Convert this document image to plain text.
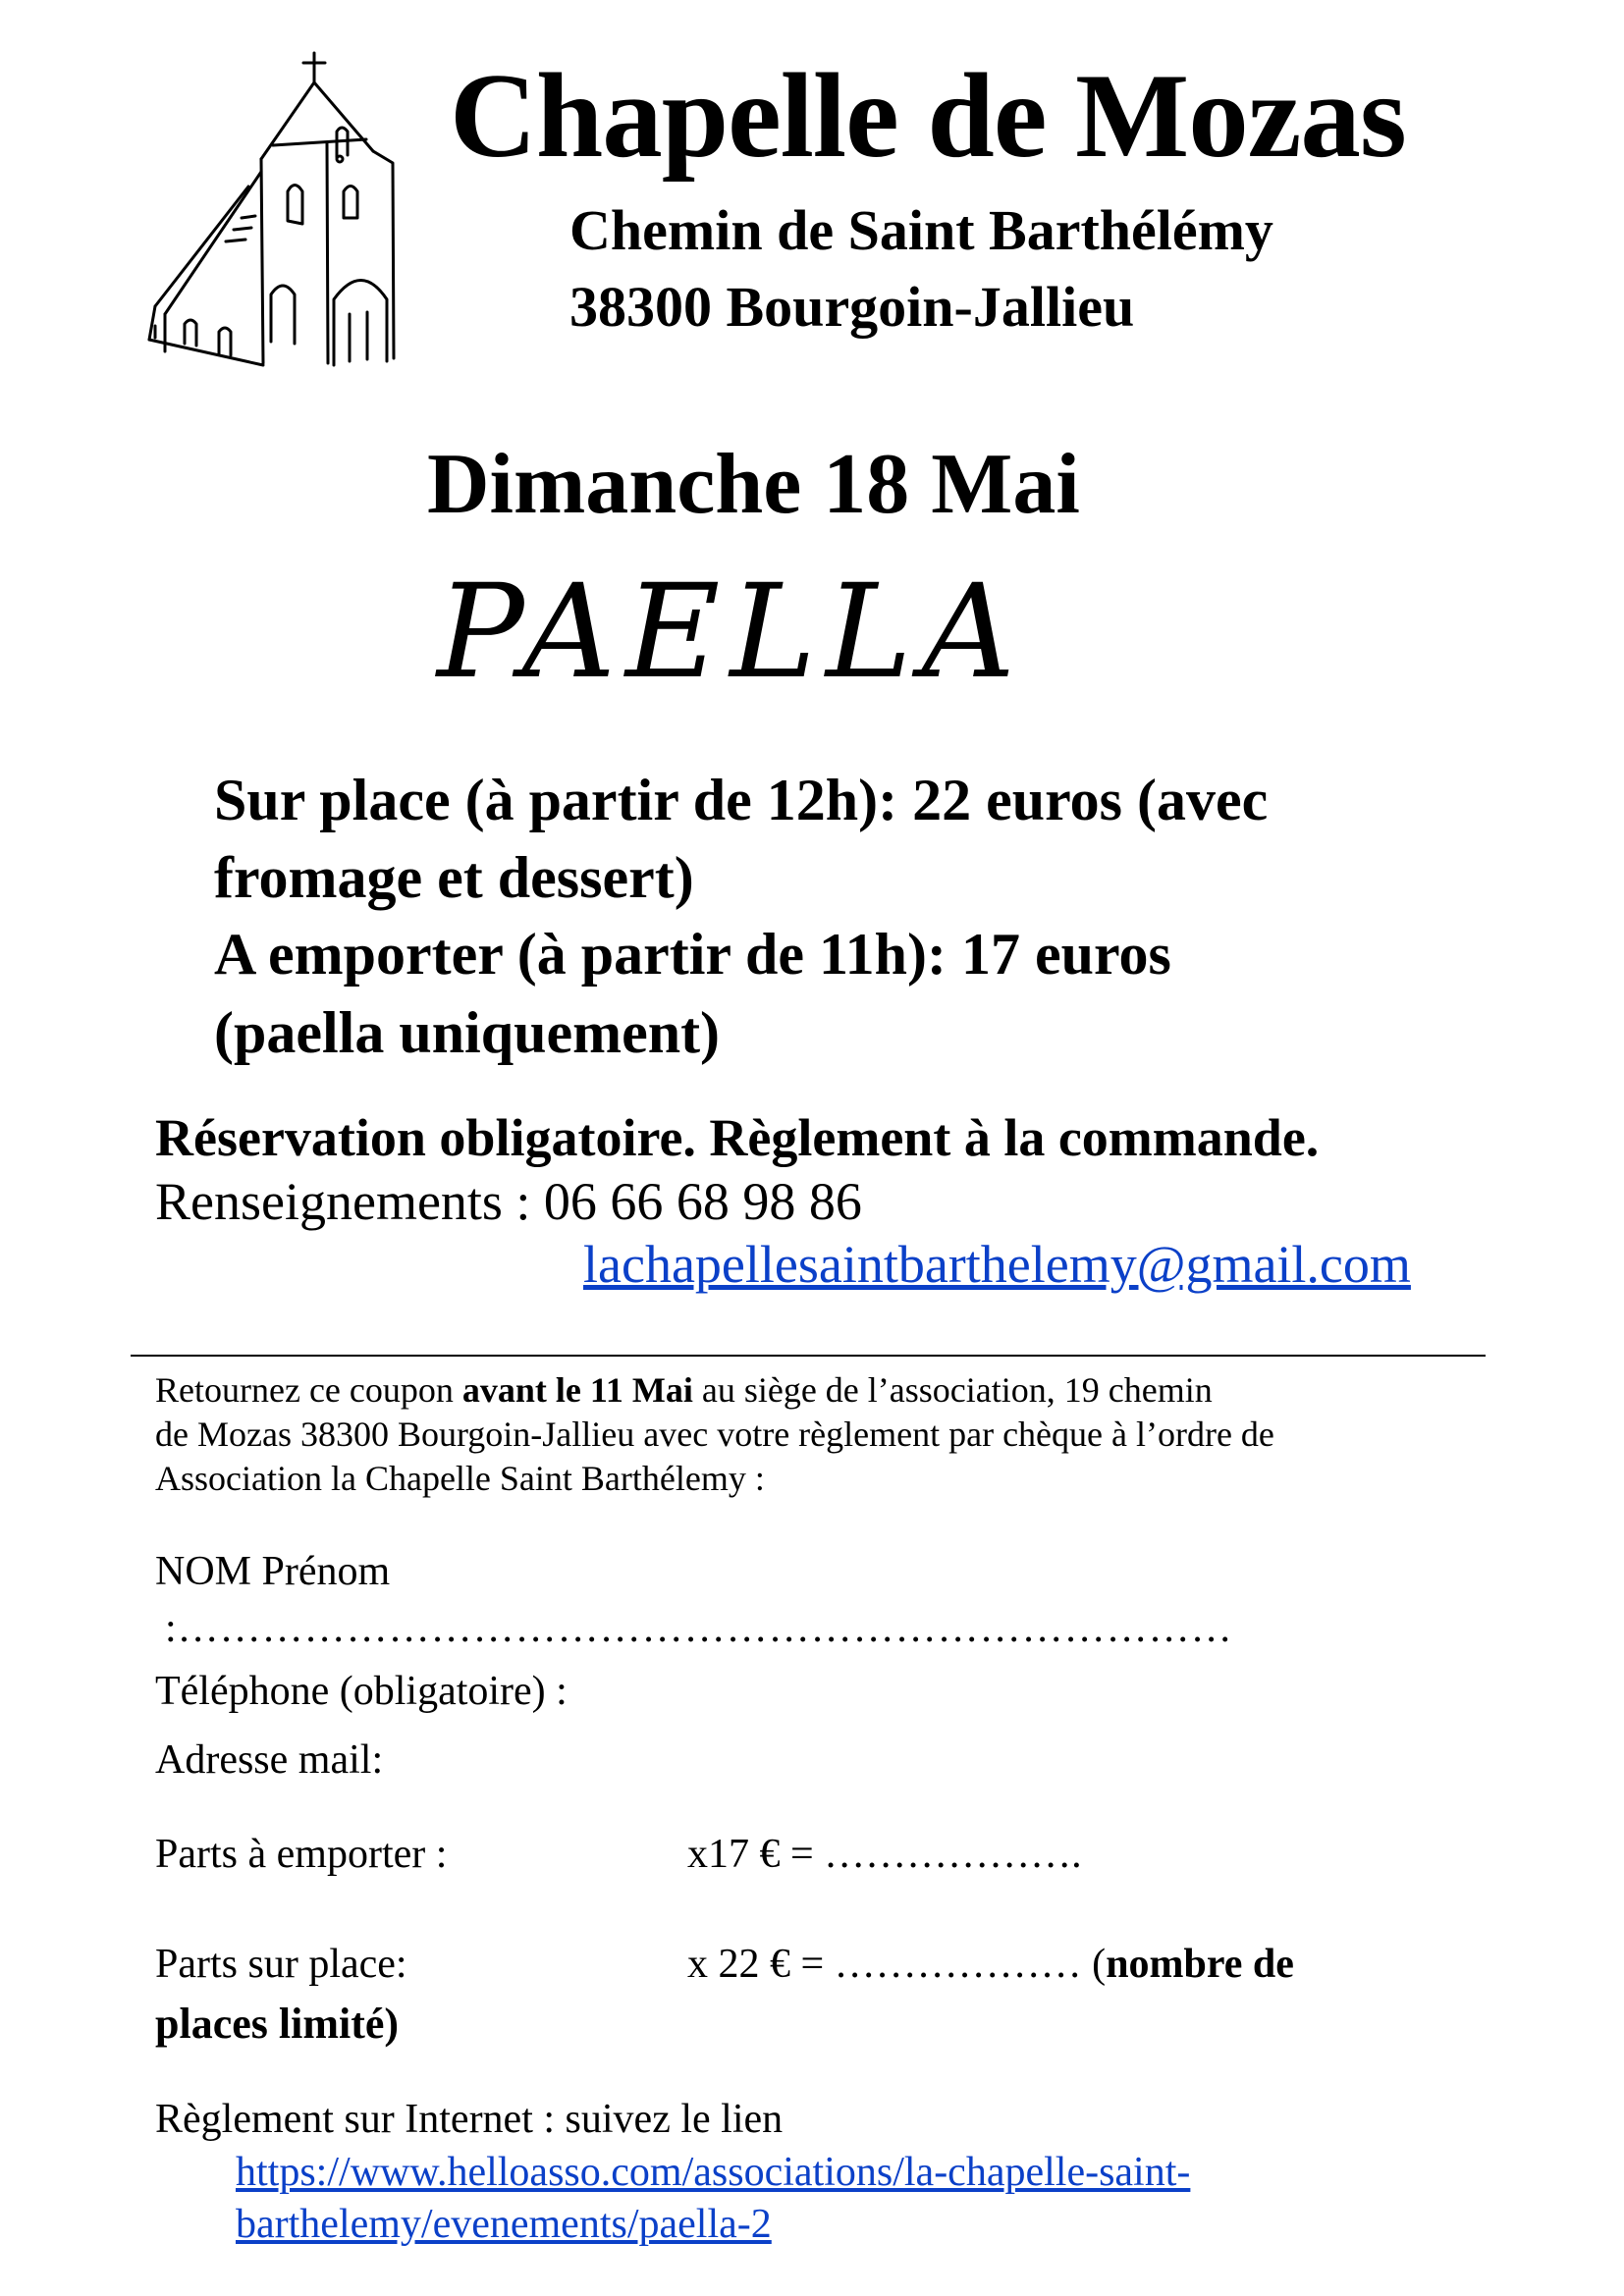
Chapelle de Mozas
Chemin de Saint Barthélémy
38300 Bourgoin-Jallieu
Dimanche 18 Mai
PAELLA
Sur place (à partir de 12h): 22 euros (avec
fromage et dessert)
A emporter (à partir de 11h): 17 euros
(paella uniquement)
Réservation obligatoire. Règlement à la commande.
Renseignements : 06 66 68 98 86
lachapellesaintbarthelemy@gmail.com
Retournez ce coupon avant le 11 Mai au siège de l’association, 19 chemin
de Mozas 38300 Bourgoin-Jallieu avec votre règlement par chèque à l’ordre de
Association la Chapelle Saint Barthélemy :
NOM Prénom
:…………………………………………………………………
Téléphone (obligatoire) :
Adresse mail:
Parts à emporter :	x17 € = ……………….
Parts sur place:	x 22 € = ……………… (nombre de
places limité)
Règlement sur Internet : suivez le lien
https://www.helloasso.com/associations/la-chapelle-saint-
barthelemy/evenements/paella-2
